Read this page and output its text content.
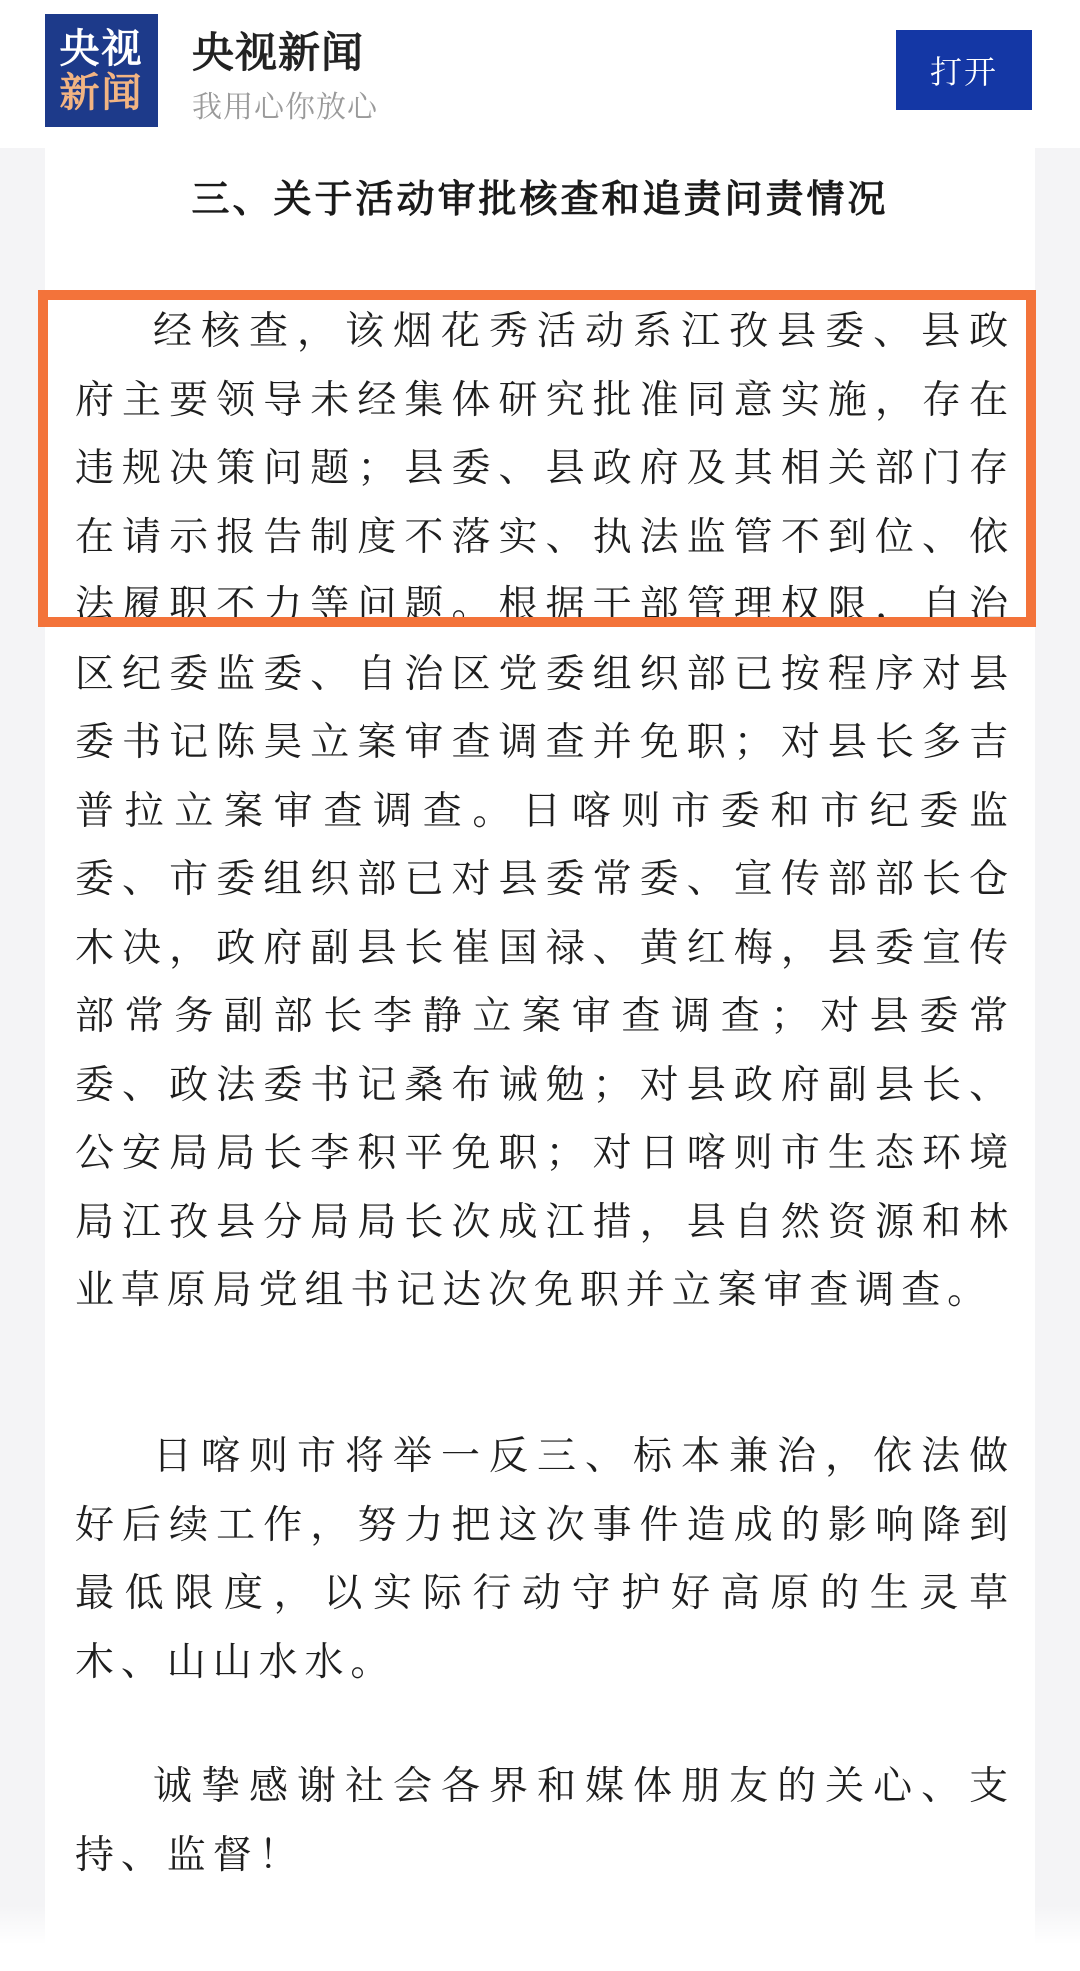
央视
新闻
央视新闻
我用心你放心
打开
三、关于活动审批核查和追责问责情况

经核查，该烟花秀活动系江孜县委、县政府主要领导未经集体研究批准同意实施，存在违规决策问题；县委、县政府及其相关部门存在请示报告制度不落实、执法监管不到位、依法履职不力等问题。根据干部管理权限，自治区纪委监委、自治区党委组织部已按程序对县委书记陈昊立案审查调查并免职；对县长多吉普拉立案审查调查。日喀则市委和市纪委监委、市委组织部已对县委常委、宣传部部长仓木决，政府副县长崔国禄、黄红梅，县委宣传部常务副部长李静立案审查调查；对县委常委、政法委书记桑布诫勉；对县政府副县长、公安局局长李积平免职；对日喀则市生态环境局江孜县分局局长次成江措，县自然资源和林业草原局党组书记达次免职并立案审查调查。

日喀则市将举一反三、标本兼治，依法做好后续工作，努力把这次事件造成的影响降到最低限度，以实际行动守护好高原的生灵草木、山山水水。

诚挚感谢社会各界和媒体朋友的关心、支持、监督！
